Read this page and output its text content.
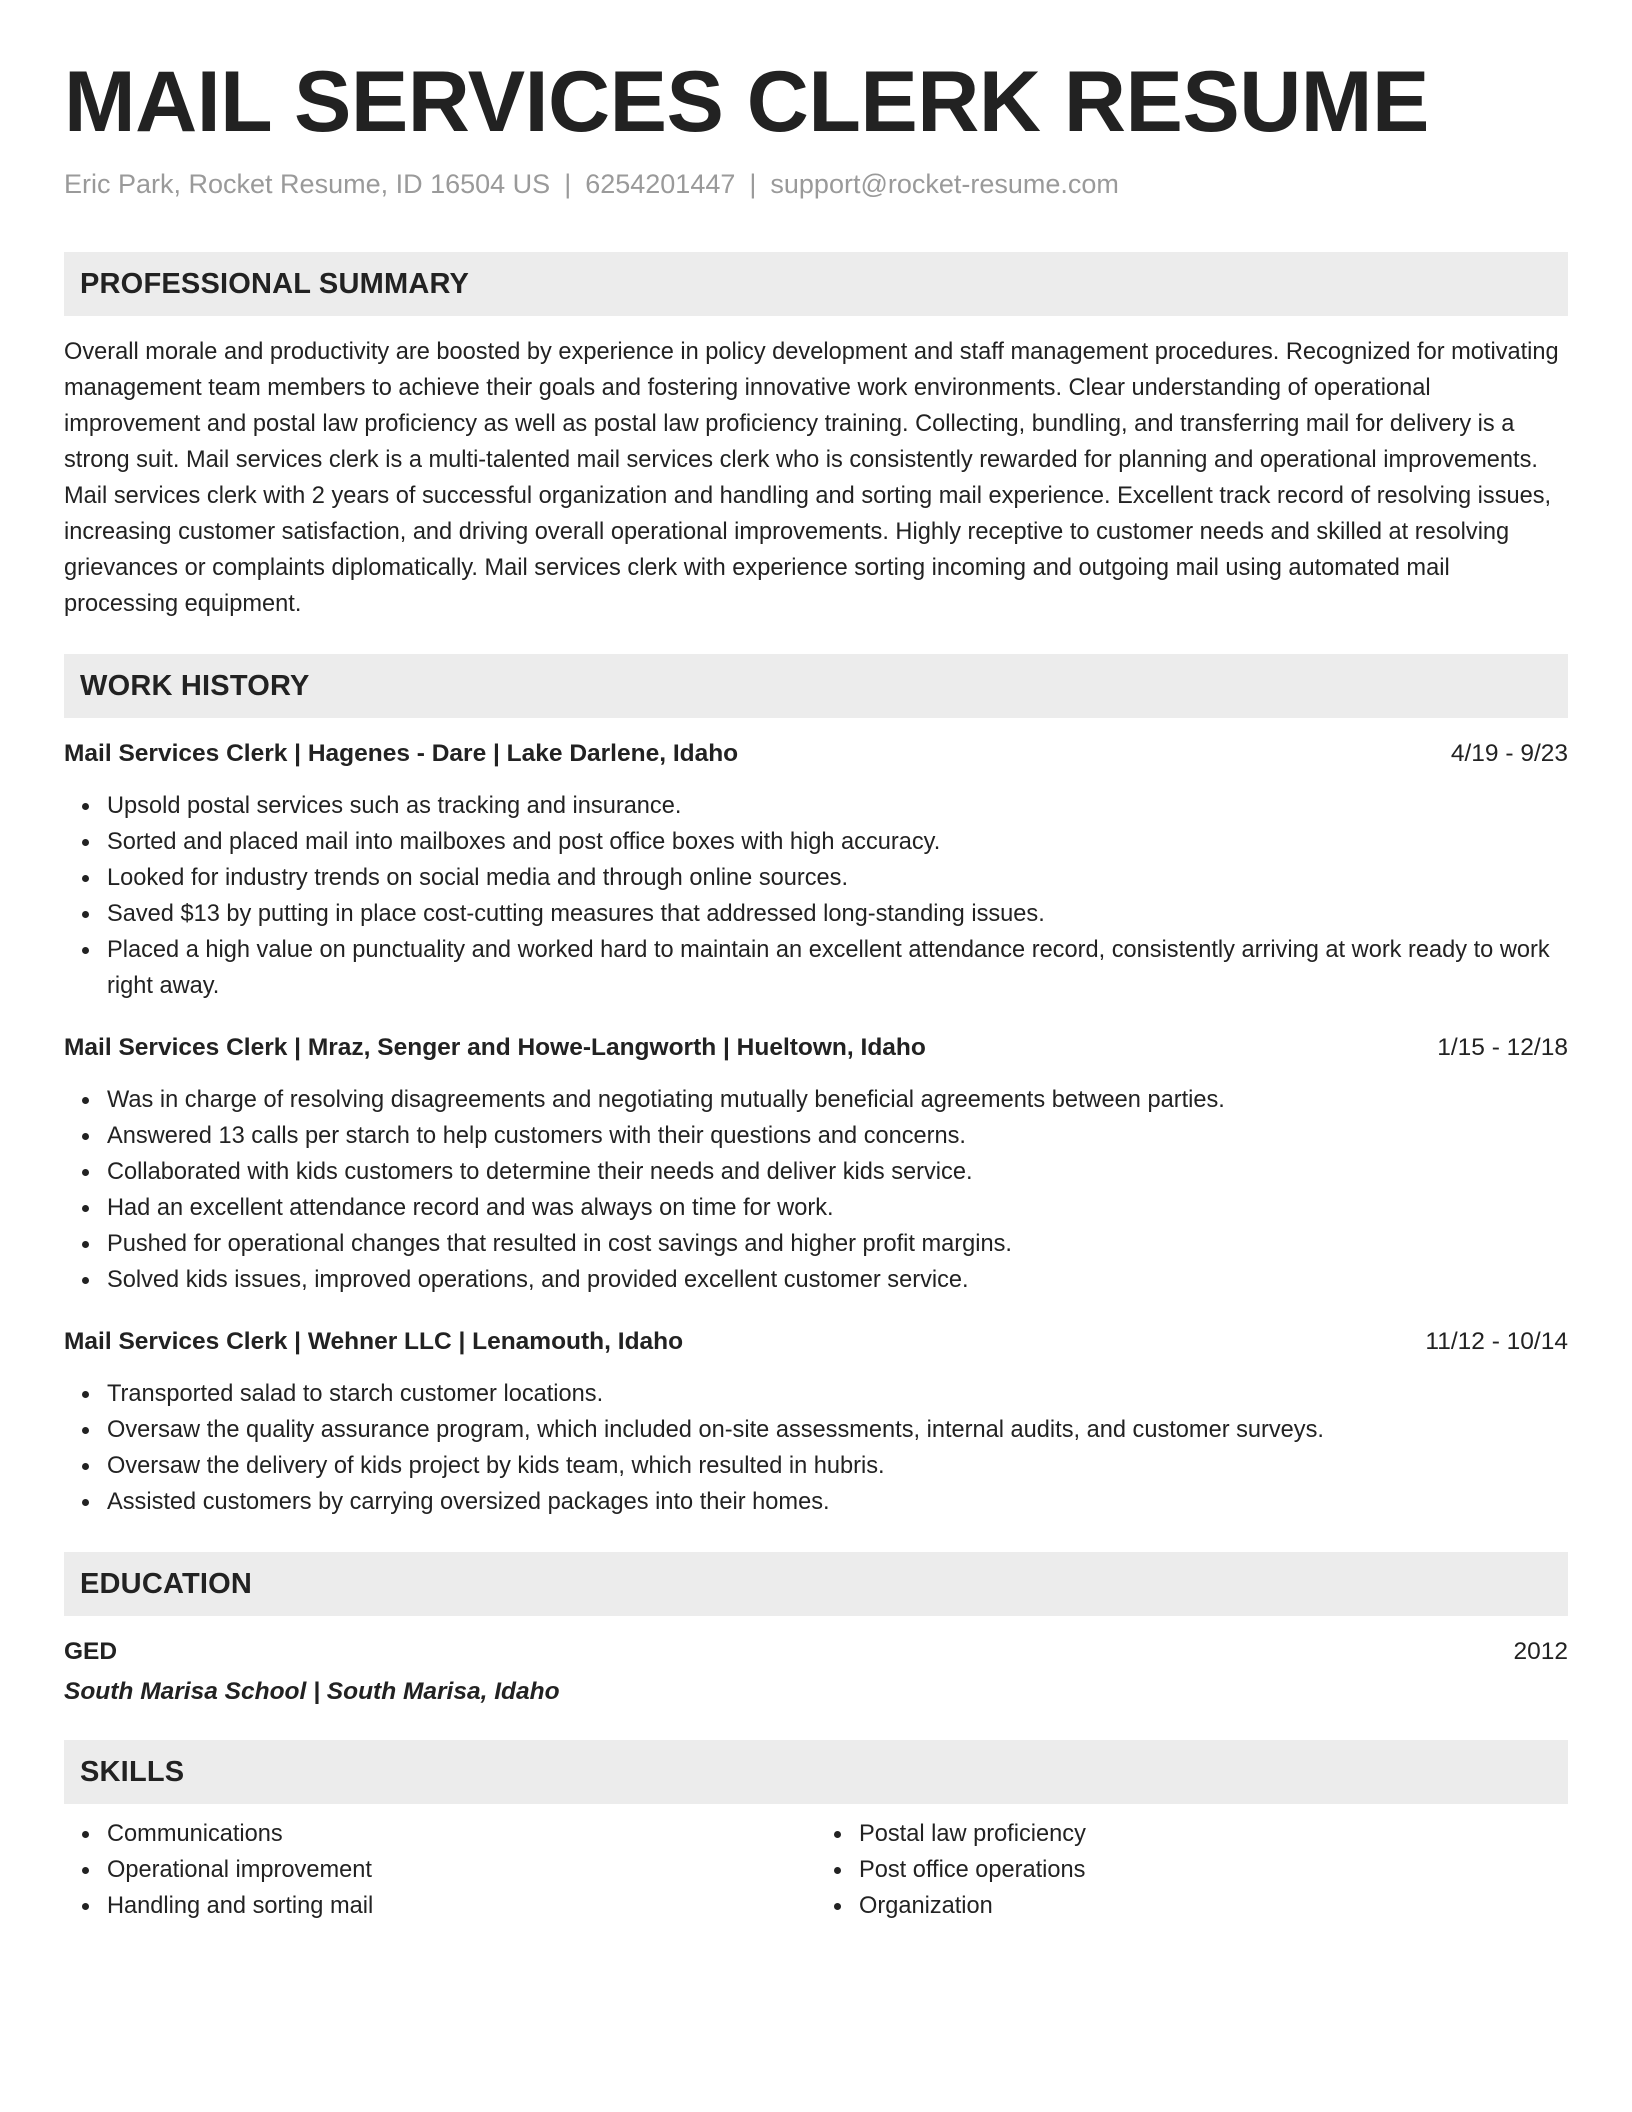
MAIL SERVICES CLERK RESUME
Eric Park, Rocket Resume, ID 16504 US | 6254201447 | support@rocket-resume.com
PROFESSIONAL SUMMARY
Overall morale and productivity are boosted by experience in policy development and staff management procedures. Recognized for motivating management team members to achieve their goals and fostering innovative work environments. Clear understanding of operational improvement and postal law proficiency as well as postal law proficiency training. Collecting, bundling, and transferring mail for delivery is a strong suit. Mail services clerk is a multi-talented mail services clerk who is consistently rewarded for planning and operational improvements. Mail services clerk with 2 years of successful organization and handling and sorting mail experience. Excellent track record of resolving issues, increasing customer satisfaction, and driving overall operational improvements. Highly receptive to customer needs and skilled at resolving grievances or complaints diplomatically. Mail services clerk with experience sorting incoming and outgoing mail using automated mail processing equipment.
WORK HISTORY
Mail Services Clerk | Hagenes - Dare | Lake Darlene, Idaho	4/19 - 9/23
Upsold postal services such as tracking and insurance.
Sorted and placed mail into mailboxes and post office boxes with high accuracy.
Looked for industry trends on social media and through online sources.
Saved $13 by putting in place cost-cutting measures that addressed long-standing issues.
Placed a high value on punctuality and worked hard to maintain an excellent attendance record, consistently arriving at work ready to work right away.
Mail Services Clerk | Mraz, Senger and Howe-Langworth | Hueltown, Idaho	1/15 - 12/18
Was in charge of resolving disagreements and negotiating mutually beneficial agreements between parties.
Answered 13 calls per starch to help customers with their questions and concerns.
Collaborated with kids customers to determine their needs and deliver kids service.
Had an excellent attendance record and was always on time for work.
Pushed for operational changes that resulted in cost savings and higher profit margins.
Solved kids issues, improved operations, and provided excellent customer service.
Mail Services Clerk | Wehner LLC | Lenamouth, Idaho	11/12 - 10/14
Transported salad to starch customer locations.
Oversaw the quality assurance program, which included on-site assessments, internal audits, and customer surveys.
Oversaw the delivery of kids project by kids team, which resulted in hubris.
Assisted customers by carrying oversized packages into their homes.
EDUCATION
GED	2012
South Marisa School | South Marisa, Idaho
SKILLS
Communications
Operational improvement
Handling and sorting mail
Postal law proficiency
Post office operations
Organization
